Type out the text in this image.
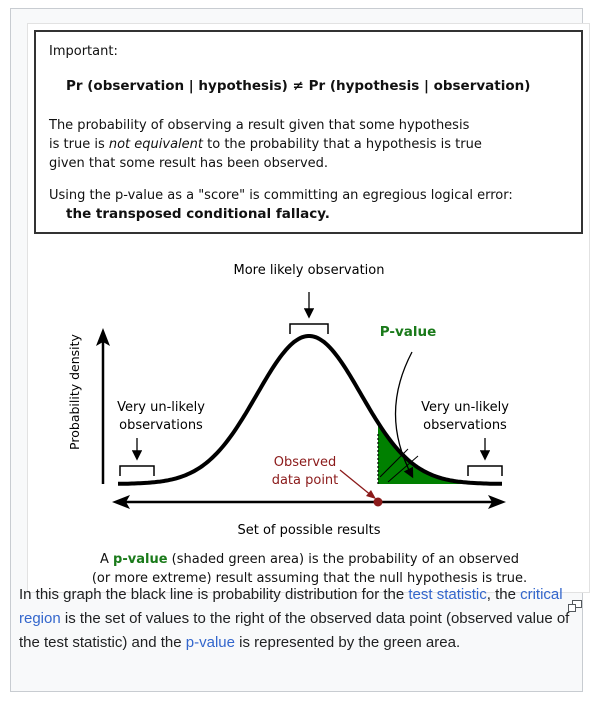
Important:
Pr (observation | hypothesis) ≠ Pr (hypothesis | observation)
The probability of observing a result given that some hypothesis
is true is not equivalent to the probability that a hypothesis is true
given that some result has been observed.
Using the p-value as a "score" is committing an egregious logical error:
the transposed conditional fallacy.
More likely observation
P-value
Probability density	Very un-likely
observations
Very un-likely
observations
Observed
data point
Set of possible results
A p-value (shaded green area) is the probability of an observed
(or more extreme) result assuming that the null hypothesis is true.
In this graph the black line is probability distribution for the test statistic, the critical region is the set of values to the right of the observed data point (observed value of the test statistic) and the p-value is represented by the green area.
